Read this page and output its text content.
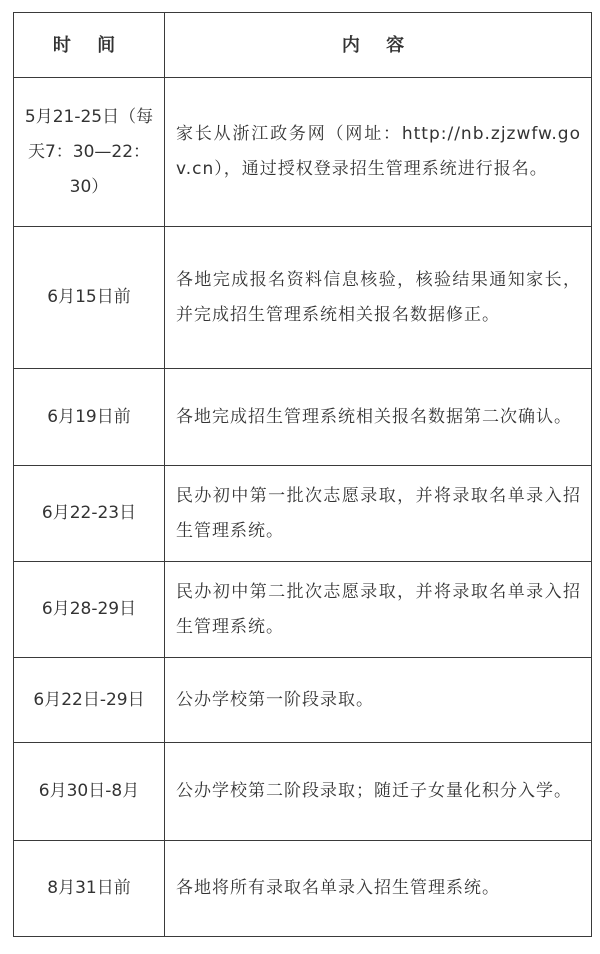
时 间	内 容
5月21-25日（每天7：30—22：30）	家长从浙江政务网（网址：http://nb.zjzwfw.gov.cn），通过授权登录招生管理系统进行报名。
6月15日前	各地完成报名资料信息核验，核验结果通知家长，并完成招生管理系统相关报名数据修正。
6月19日前	各地完成招生管理系统相关报名数据第二次确认。
6月22-23日	民办初中第一批次志愿录取，并将录取名单录入招生管理系统。
6月28-29日	民办初中第二批次志愿录取，并将录取名单录入招生管理系统。
6月22日-29日	公办学校第一阶段录取。
6月30日-8月	公办学校第二阶段录取；随迁子女量化积分入学。
8月31日前	各地将所有录取名单录入招生管理系统。
